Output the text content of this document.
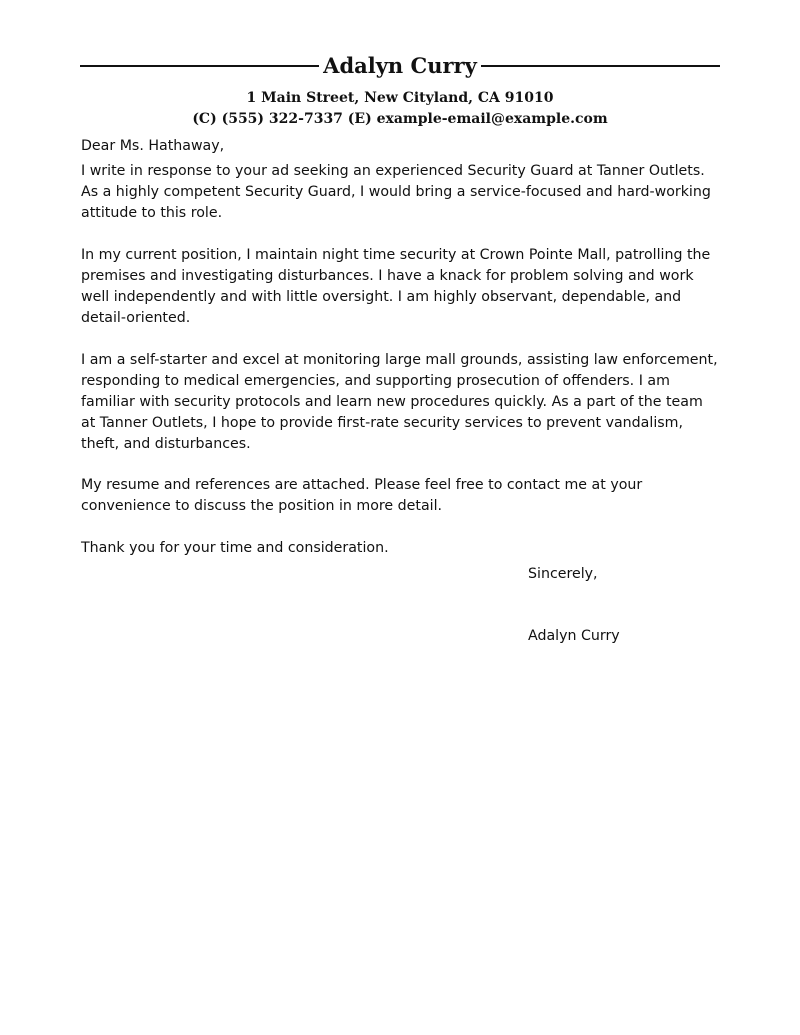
Adalyn Curry
1 Main Street, New Cityland, CA 91010
(C) (555) 322-7337 (E) example-email@example.com

Dear Ms. Hathaway,

I write in response to your ad seeking an experienced Security Guard at Tanner Outlets. As a highly competent Security Guard, I would bring a service-focused and hard-working attitude to this role.

In my current position, I maintain night time security at Crown Pointe Mall, patrolling the premises and investigating disturbances. I have a knack for problem solving and work well independently and with little oversight. I am highly observant, dependable, and detail-oriented.

I am a self-starter and excel at monitoring large mall grounds, assisting law enforcement, responding to medical emergencies, and supporting prosecution of offenders. I am familiar with security protocols and learn new procedures quickly. As a part of the team at Tanner Outlets, I hope to provide first-rate security services to prevent vandalism, theft, and disturbances.

My resume and references are attached. Please feel free to contact me at your convenience to discuss the position in more detail.

Thank you for your time and consideration.

Sincerely,
Adalyn Curry
